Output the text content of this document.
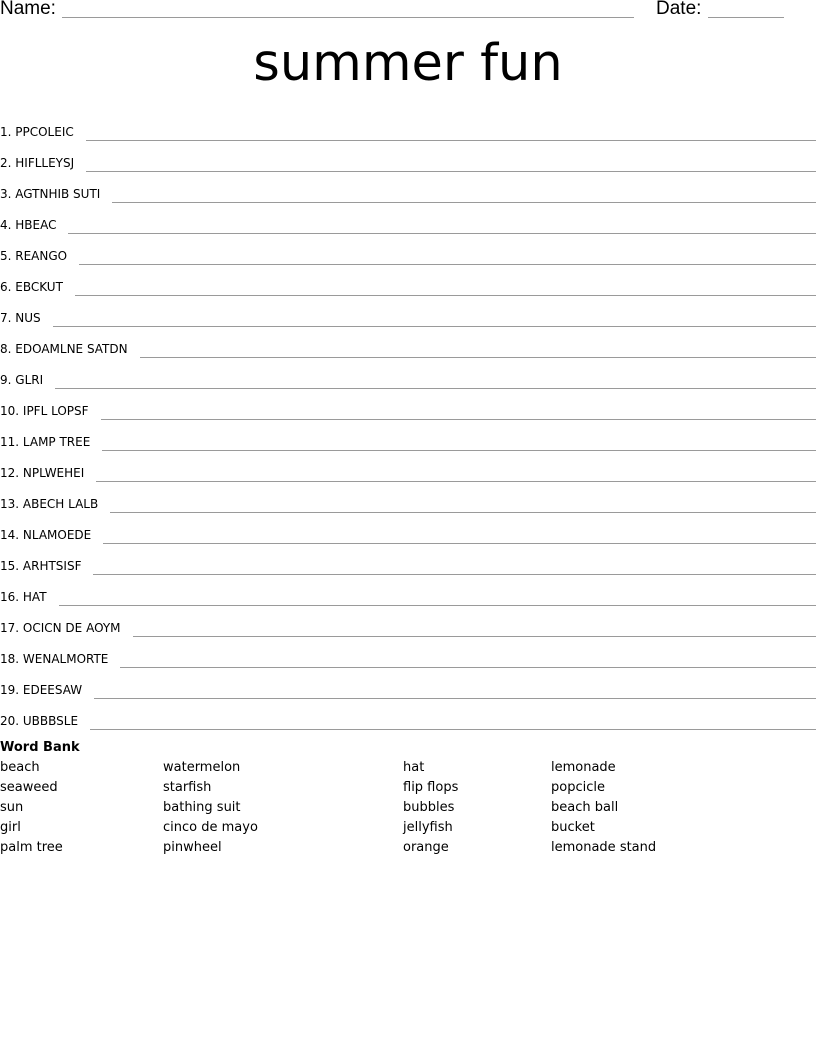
Name:	Date:
summer fun
1. PPCOLEIC
2. HIFLLEYSJ
3. AGTNHIB SUTI
4. HBEAC
5. REANGO
6. EBCKUT
7. NUS
8. EDOAMLNE SATDN
9. GLRI
10. IPFL LOPSF
11. LAMP TREE
12. NPLWEHEI
13. ABECH LALB
14. NLAMOEDE
15. ARHTSISF
16. HAT
17. OCICN DE AOYM
18. WENALMORTE
19. EDEESAW
20. UBBBSLE
Word Bank
beach
seaweed
sun
girl
palm tree
watermelon
starfish
bathing suit
cinco de mayo
pinwheel
hat
flip flops
bubbles
jellyfish
orange
lemonade
popcicle
beach ball
bucket
lemonade stand
